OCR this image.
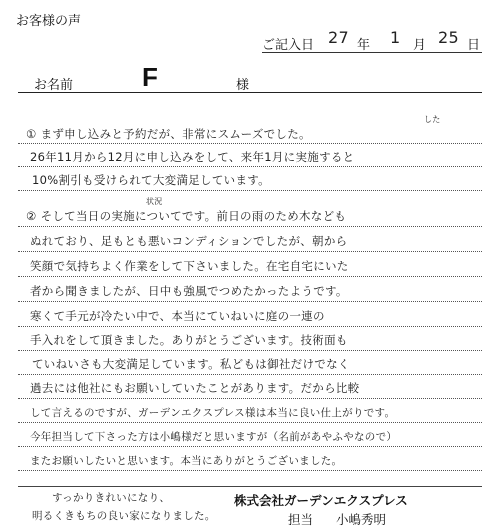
お客様の声
ご記入日 27 年 1 月 25 日
お名前	F	様
した
状況
① まず申し込みと予約だが、非常にスムーズでした。
26年11月から12月に申し込みをして、来年1月に実施すると
10%割引も受けられて大変満足しています。
② そして当日の実施についてです。前日の雨のため木なども
ぬれており、足もとも悪いコンディションでしたが、朝から
笑顔で気持ちよく作業をして下さいました。在宅自宅にいた
者から聞きましたが、日中も強風でつめたかったようです。
寒くて手元が冷たい中で、本当にていねいに庭の一連の
手入れをして頂きました。ありがとうございます。技術面も
ていねいさも大変満足しています。私どもは御社だけでなく
過去には他社にもお願いしていたことがあります。だから比較
して言えるのですが、ガーデンエクスプレス様は本当に良い仕上がりです。
今年担当して下さった方は小嶋様だと思いますが（名前があやふやなので）
またお願いしたいと思います。本当にありがとうございました。
すっかりきれいになり、
明るくきもちの良い家になりました。
株式会社ガーデンエクスプレス
担当 小嶋秀明
